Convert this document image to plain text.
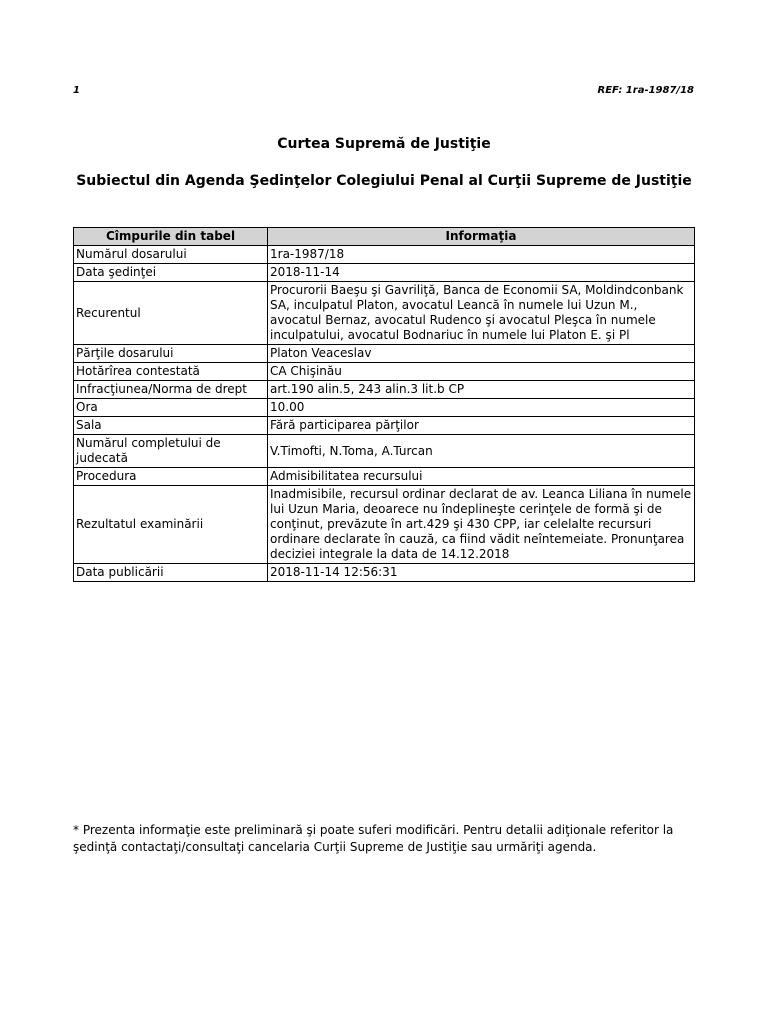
1	REF: 1ra-1987/18
Curtea Supremă de Justiţie
Subiectul din Agenda Şedinţelor Colegiului Penal al Curţii Supreme de Justiţie
Cîmpurile din tabel	Informaţia
Numărul dosarului	1ra-1987/18
Data şedinţei	2018-11-14
Recurentul	Procurorii Baeşu şi Gavriliţă, Banca de Economii SA, Moldindconbank SA, inculpatul Platon, avocatul Leancă în numele lui Uzun M., avocatul Bernaz, avocatul Rudenco şi avocatul Pleşca în numele inculpatului, avocatul Bodnariuc în numele lui Platon E. şi Pl
Părţile dosarului	Platon Veaceslav
Hotărîrea contestată	CA Chişinău
Infracţiunea/Norma de drept	art.190 alin.5, 243 alin.3 lit.b CP
Ora	10.00
Sala	Fără participarea părţilor
Numărul completului de judecată	V.Timofti, N.Toma, A.Turcan
Procedura	Admisibilitatea recursului
Rezultatul examinării	Inadmisibile, recursul ordinar declarat de av. Leanca Liliana în numele lui Uzun Maria, deoarece nu îndeplineşte cerinţele de formă şi de conţinut, prevăzute în art.429 şi 430 CPP, iar celelalte recursuri ordinare declarate în cauză, ca fiind vădit neîntemeiate. Pronunţarea deciziei integrale la data de 14.12.2018
Data publicării	2018-11-14 12:56:31
* Prezenta informaţie este preliminară şi poate suferi modificări. Pentru detalii adiţionale referitor la şedinţă contactaţi/consultaţi cancelaria Curţii Supreme de Justiţie sau urmăriţi agenda.
